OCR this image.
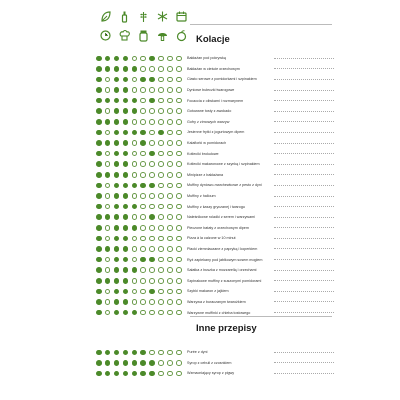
Kolacje
Bakłażan pod pokrywką
Bakłażan w cieście orzechowym
Ciasto serowe z pomidorkami i szpinakiem
Dyniowe bułeczki twarogowe
Focaccia z oliwkami i rozmarynem
Gotowane tosty z awokado
Gofry z zimowych warzyw
Jesienne frytki z jogurtowym dipem
Kalafiorki w pomidorach
Kotleciki brokułowe
Kotleciki makaronowe z szynką i szpinakiem
Minipizze z bakłażana
Muffiny dyniowo-marchewkowe z pesto z dyni
Muffiny z halloum
Muffiny z kaszy gryczanej i twarogu
Naleśnikowe roladki z serem i warzywami
Pieczone bataty z orzechowym dipem
Pizza à la calzone w 10 minut
Placki ziemniaczane z papryką i koperkiem
Ryż zapiekany pod jabłkowym sosem mogłem
Sałatka z buszka z mozzarellą i orzechami
Szpinakowe muffiny z suszonymi pomidorami
Szybki makaron z jajkiem
Warzywa z buraczanym twarożkiem
Warzywne muffinki z chleba tostowego
Inne przepisy
Purée z dyni
Syrop z cebuli z czosnkiem
Wzmacniający syrop z pigwy
